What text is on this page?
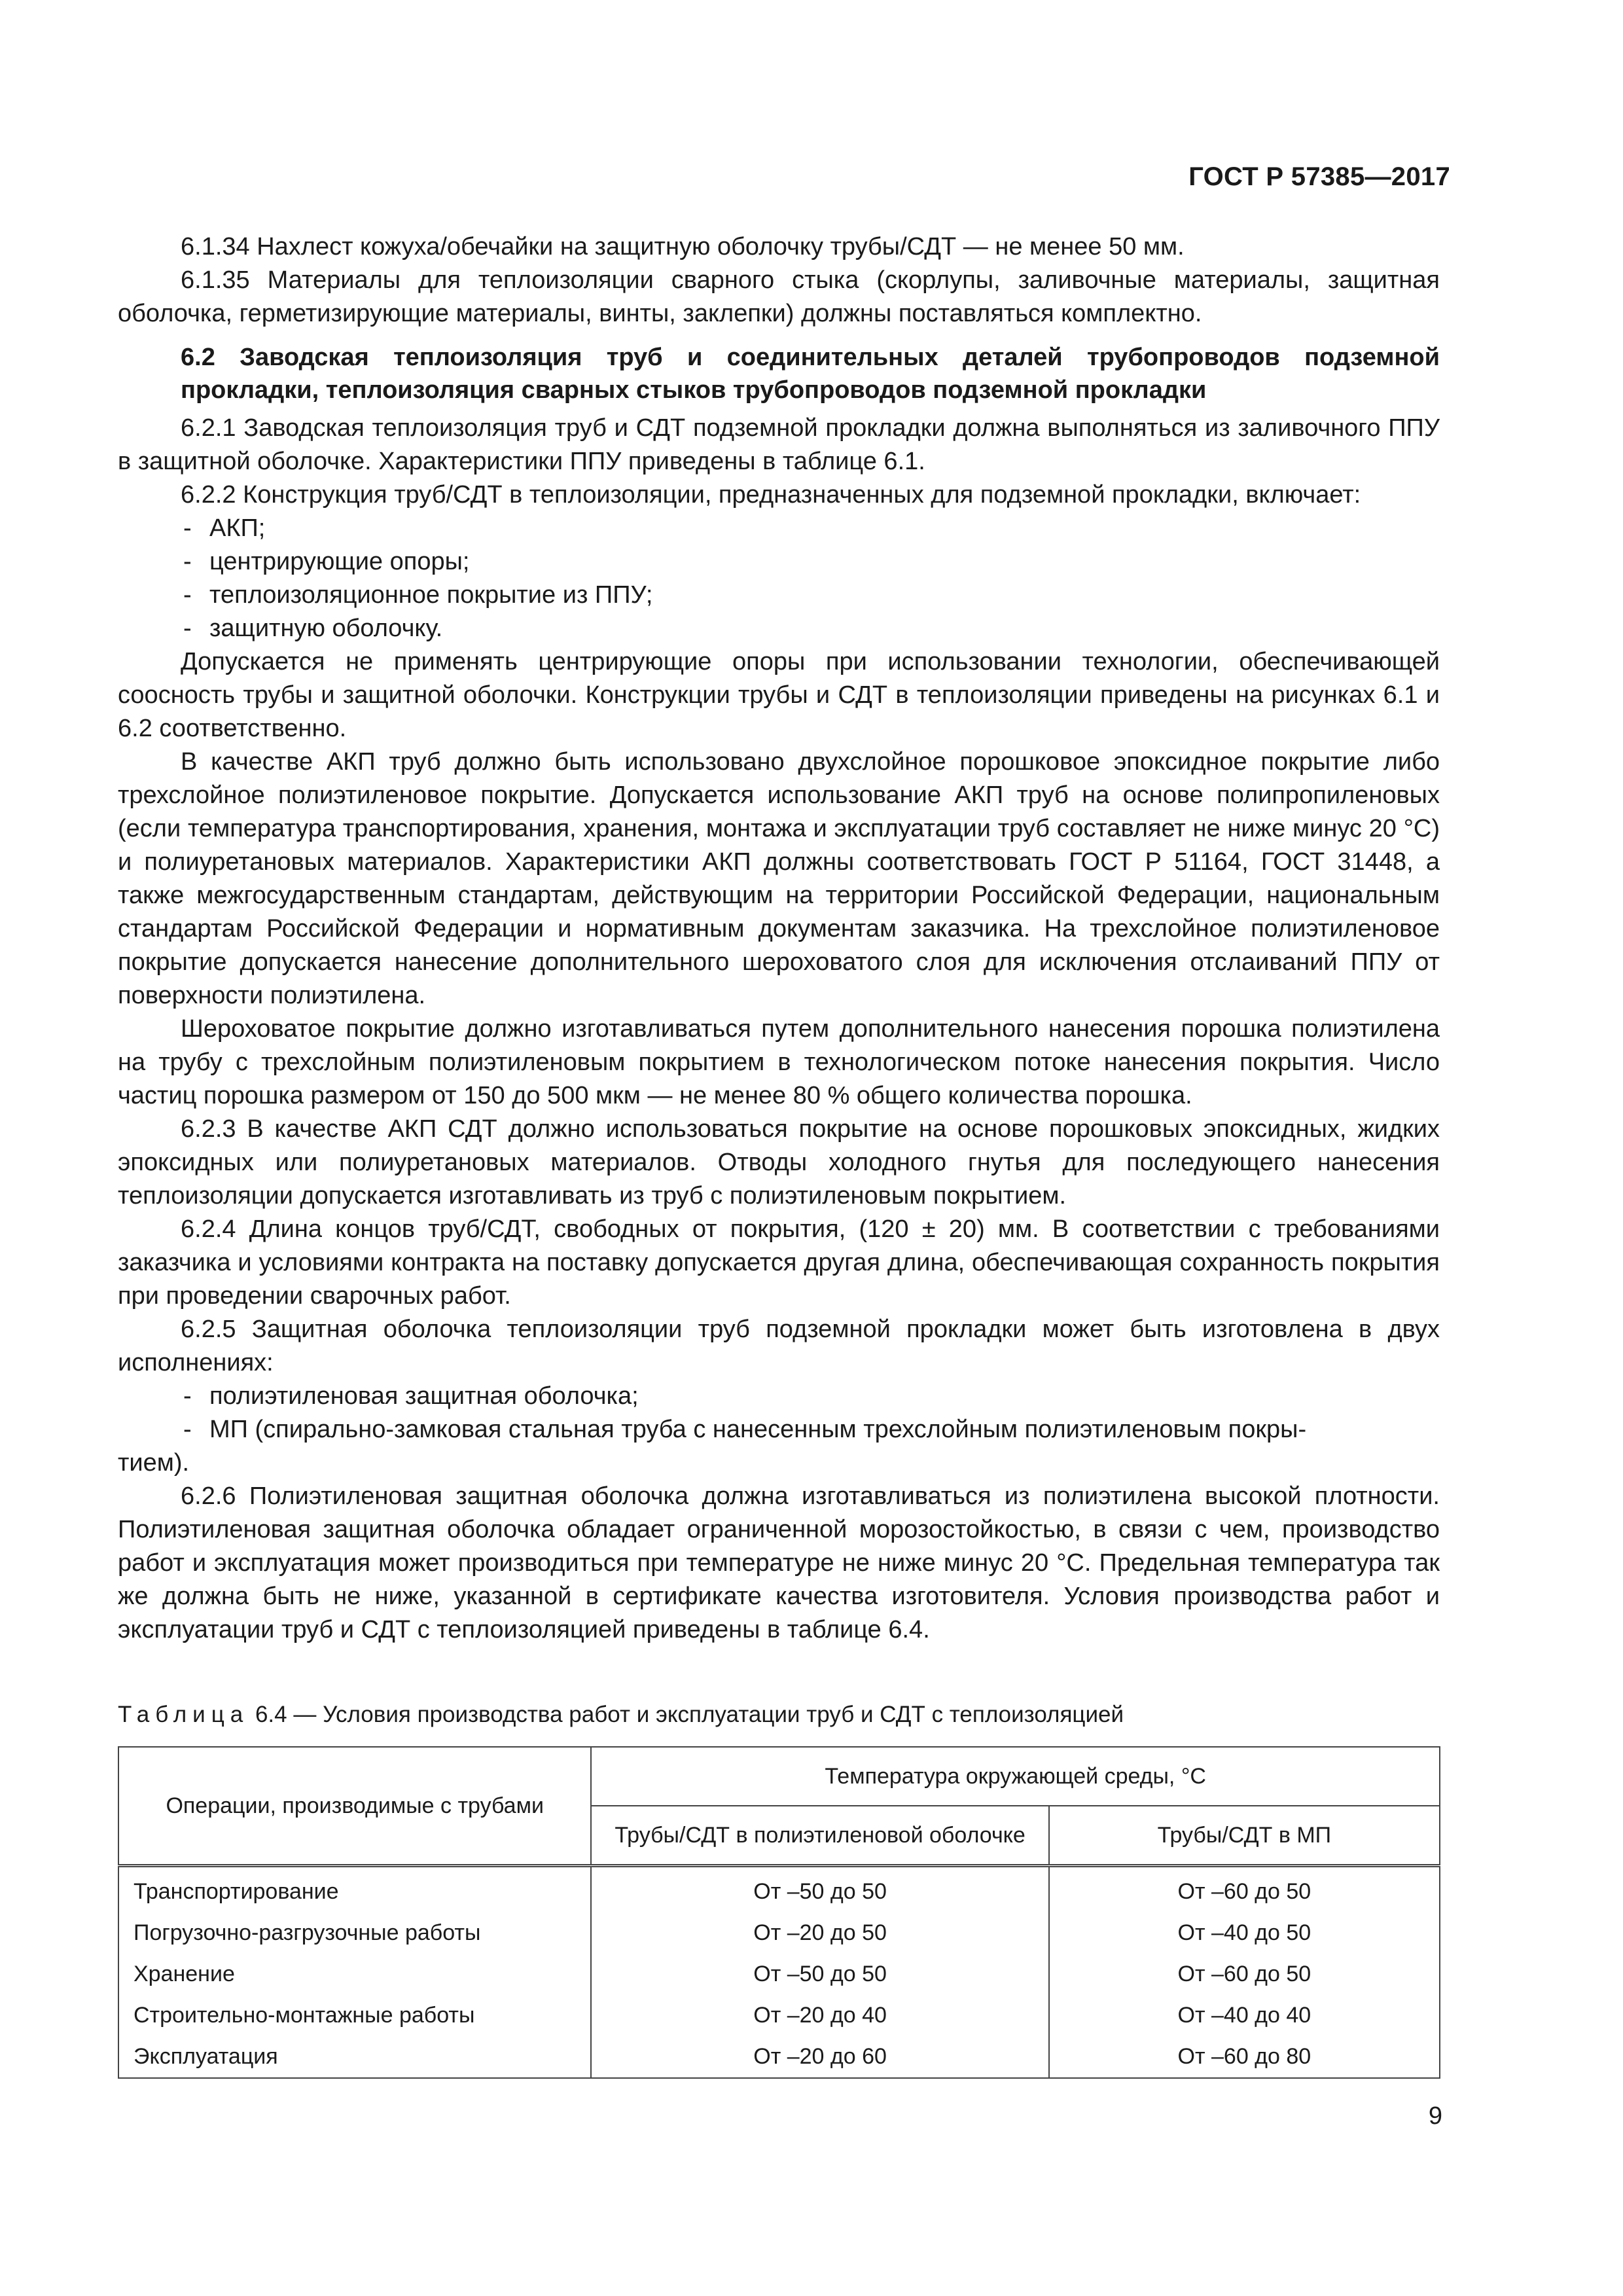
ГОСТ Р 57385—2017

6.1.34 Нахлест кожуха/обечайки на защитную оболочку трубы/СДТ — не менее 50 мм.

6.1.35 Материалы для теплоизоляции сварного стыка (скорлупы, заливочные материалы, защитная оболочка, герметизирующие материалы, винты, заклепки) должны поставляться комплектно.

6.2 Заводская теплоизоляция труб и соединительных деталей трубопроводов подземной прокладки, теплоизоляция сварных стыков трубопроводов подземной прокладки

6.2.1 Заводская теплоизоляция труб и СДТ подземной прокладки должна выполняться из заливочного ППУ в защитной оболочке. Характеристики ППУ приведены в таблице 6.1.

6.2.2 Конструкция труб/СДТ в теплоизоляции, предназначенных для подземной прокладки, включает:

- АКП;

- центрирующие опоры;

- теплоизоляционное покрытие из ППУ;

- защитную оболочку.

Допускается не применять центрирующие опоры при использовании технологии, обеспечивающей соосность трубы и защитной оболочки. Конструкции трубы и СДТ в теплоизоляции приведены на рисунках 6.1 и 6.2 соответственно.

В качестве АКП труб должно быть использовано двухслойное порошковое эпоксидное покрытие либо трехслойное полиэтиленовое покрытие. Допускается использование АКП труб на основе полипропиленовых (если температура транспортирования, хранения, монтажа и эксплуатации труб составляет не ниже минус 20 °С) и полиуретановых материалов. Характеристики АКП должны соответствовать ГОСТ Р 51164, ГОСТ 31448, а также межгосударственным стандартам, действующим на территории Российской Федерации, национальным стандартам Российской Федерации и нормативным документам заказчика. На трехслойное полиэтиленовое покрытие допускается нанесение дополнительного шероховатого слоя для исключения отслаиваний ППУ от поверхности полиэтилена.

Шероховатое покрытие должно изготавливаться путем дополнительного нанесения порошка полиэтилена на трубу с трехслойным полиэтиленовым покрытием в технологическом потоке нанесения покрытия. Число частиц порошка размером от 150 до 500 мкм — не менее 80 % общего количества порошка.

6.2.3 В качестве АКП СДТ должно использоваться покрытие на основе порошковых эпоксидных, жидких эпоксидных или полиуретановых материалов. Отводы холодного гнутья для последующего нанесения теплоизоляции допускается изготавливать из труб с полиэтиленовым покрытием.

6.2.4 Длина концов труб/СДТ, свободных от покрытия, (120 ± 20) мм. В соответствии с требованиями заказчика и условиями контракта на поставку допускается другая длина, обеспечивающая сохранность покрытия при проведении сварочных работ.

6.2.5 Защитная оболочка теплоизоляции труб подземной прокладки может быть изготовлена в двух исполнениях:

- полиэтиленовая защитная оболочка;

- МП (спирально-замковая стальная труба с нанесенным трехслойным полиэтиленовым покры-
тием).

6.2.6 Полиэтиленовая защитная оболочка должна изготавливаться из полиэтилена высокой плотности. Полиэтиленовая защитная оболочка обладает ограниченной морозостойкостью, в связи с чем, производство работ и эксплуатация может производиться при температуре не ниже минус 20 °С. Предельная температура так же должна быть не ниже, указанной в сертификате качества изготовителя. Условия производства работ и эксплуатации труб и СДТ с теплоизоляцией приведены в таблице 6.4.

Таблица 6.4 — Условия производства работ и эксплуатации труб и СДТ с теплоизоляцией
Операции, производимые с трубами	Температура окружающей среды, °С	
	Трубы/СДТ в полиэтиленовой оболочке	Трубы/СДТ в МП
Транспортирование	От –50 до 50	От –60 до 50
Погрузочно-разгрузочные работы	От –20 до 50	От –40 до 50
Хранение	От –50 до 50	От –60 до 50
Строительно-монтажные работы	От –20 до 40	От –40 до 40
Эксплуатация	От –20 до 60	От –60 до 80
9
